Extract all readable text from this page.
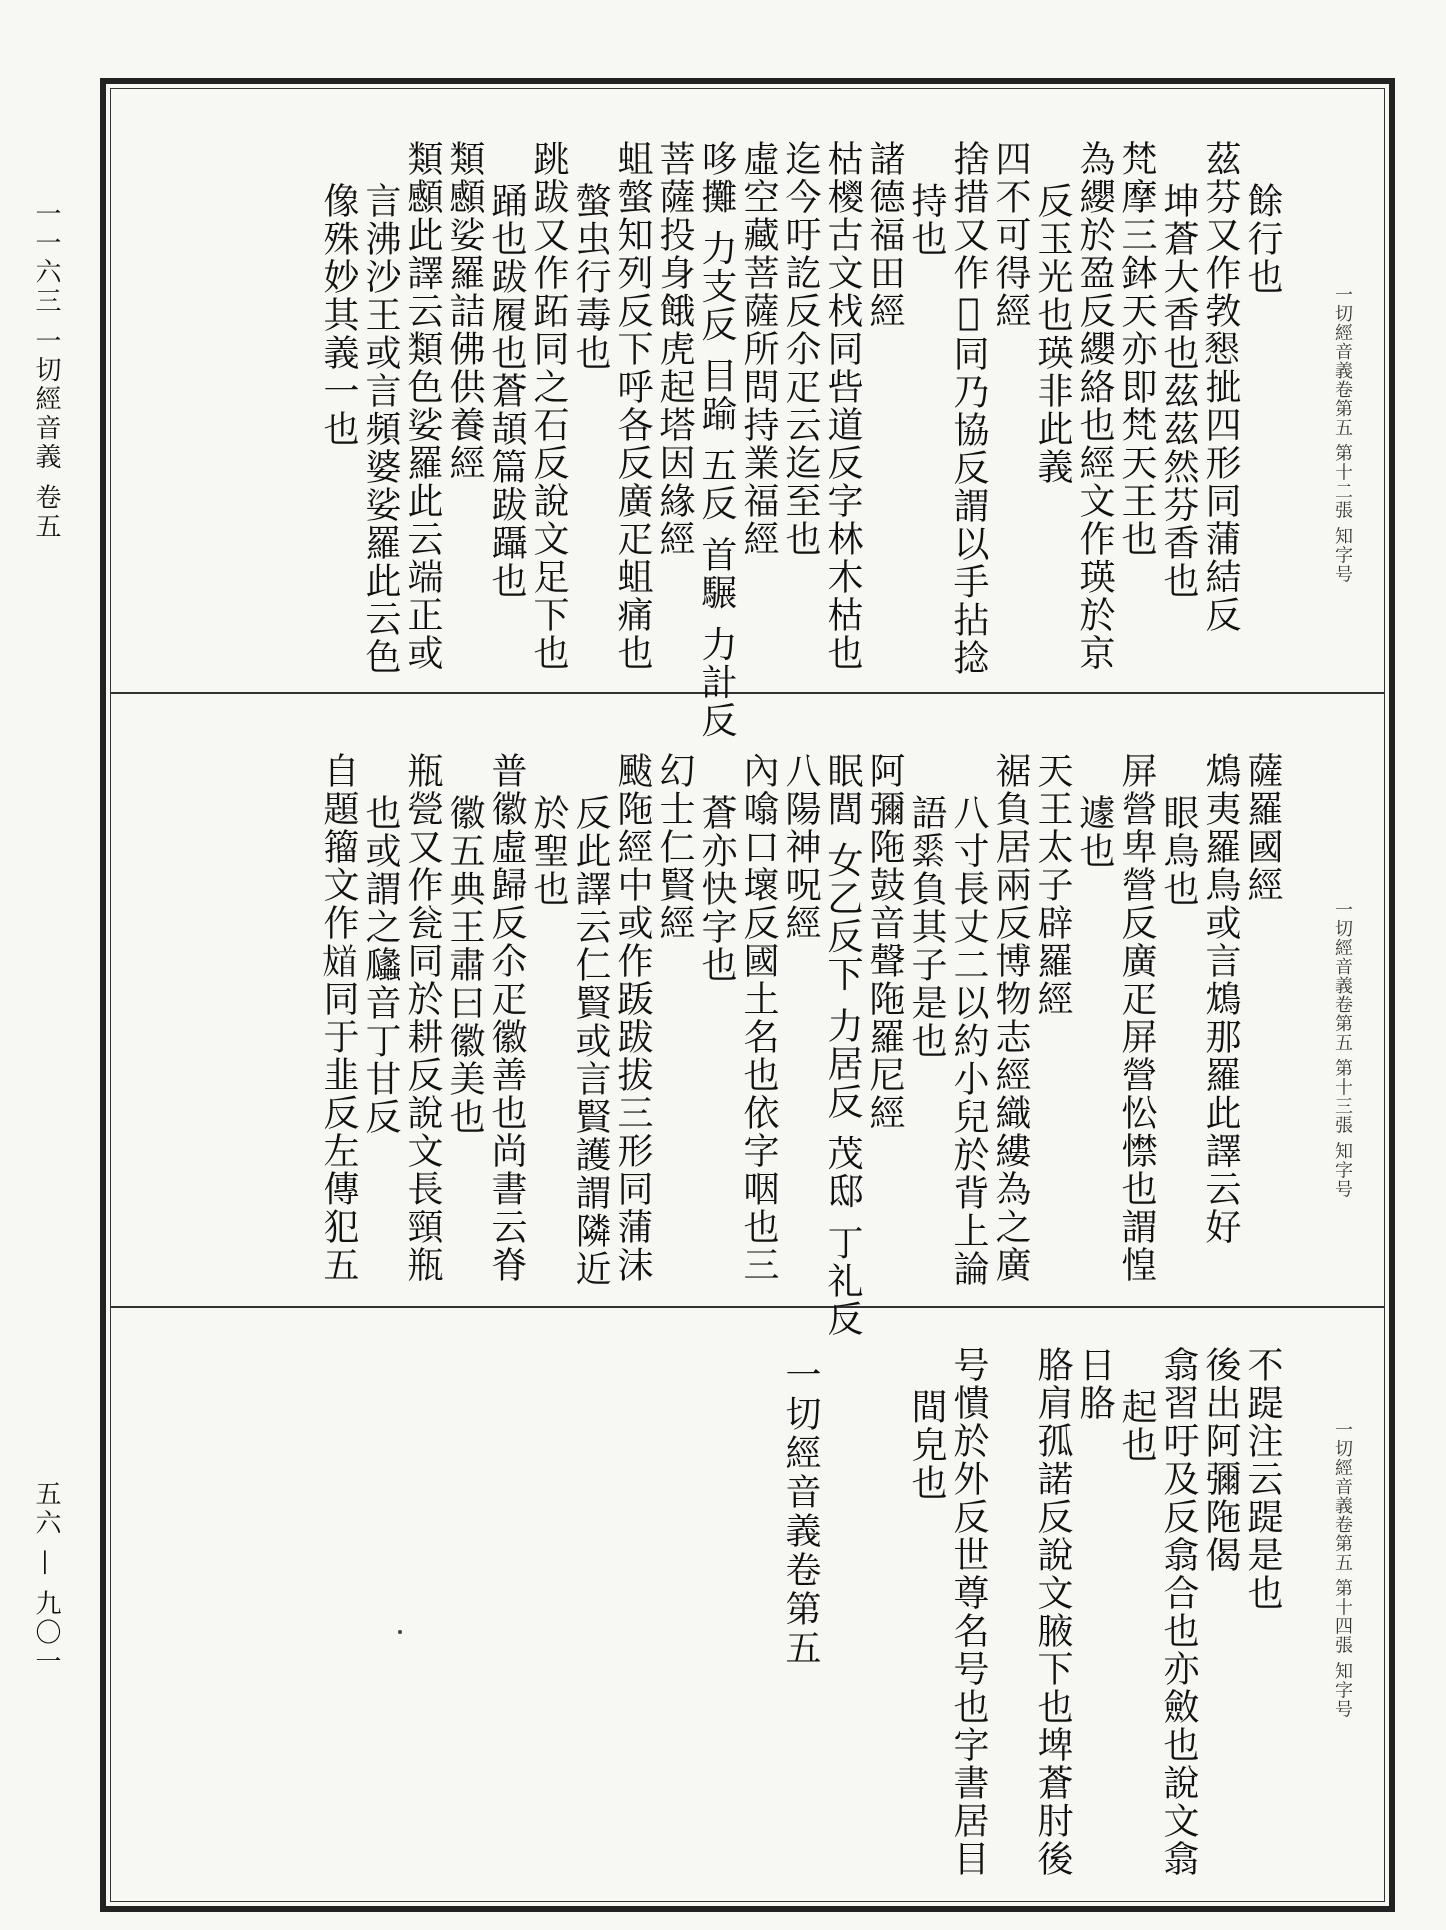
一一六三 一切經音義 卷五
五六 — 九〇一
一切經音義卷第五 第十二張 知字号
餘行也
茲芬又作㪍𢡆㧗四形同蒲結反
坤蒼大香也茲茲然芬香也
梵摩三鉢天亦即梵天王也
為纓於盈反纓絡也經文作瑛於京
反玉光也瑛非此義
四不可得經
捨措又作𢸛同乃協反謂以手拈捻
持也
諸德福田經
枯㯶古文𣏾同呰道反字林木枯也
迄今吁訖反尒疋云迄至也
虛空藏菩薩所問持業福經
哆攤 力支反 目踰 五反 首𩥇 力計反
菩薩投身餓虎起塔因緣經
蛆螫知列反下呼各反廣疋蛆痛也
螫虫行毒也
跳跋又作跖同之石反說文足下也
踊也跋履也蒼頡篇跋躡也
類䫲娑羅詰佛供養經
類䫲此譯云類色娑羅此云端正或
言沸沙王或言頻婆娑羅此云色
像殊妙其義一也
一切經音義卷第五 第十三張 知字号
薩羅國經
鴆夷羅鳥或言鴆那羅此譯云好
眼鳥也
屏營卑營反廣疋屏營忪㦗也謂惶
遽也
天王太子辟羅經
裾負居兩反博物志經織縷為之廣
八寸長丈二以約小兒於背上論
語𦃃負其子是也
阿彌陁鼓音聲陁羅尼經
眠閭 女乙反下 力居反 茂邸 丁礼反
八陽神呪經
內噏口壞反國土名也依字咽也三
蒼亦快字也
幻士仁賢經
颰陁經中或作䟦跋拔三形同蒲沫
反此譯云仁賢或言賢護謂隣近
於聖也
普徽虛歸反尒疋徽善也尚書云脊
徽五典王肅曰徽美也
瓶甇又作瓮同於耕反說文長頸瓶
也或謂之㼖音丁甘反
自題籀文作𩠙同于韭反左傳犯五
一切經音義卷第五 第十四張 知字号
不踶注云踶是也
後出阿彌陁偈
翕習吁及反翕合也亦斂也說文翕
起也
日胳
胳肩孤諾反說文腋下也埤蒼肘後
号憒於外反世尊名号也字書居目
間皃也
一切經音義卷第五
